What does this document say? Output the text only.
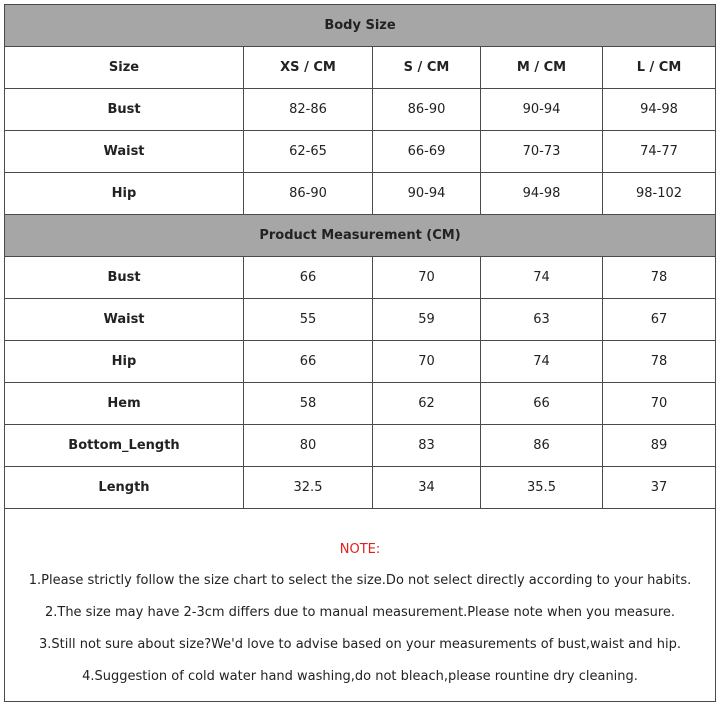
Body Size				
Size	XS / CM	S / CM	M / CM	L / CM
Bust	82-86	86-90	90-94	94-98
Waist	62-65	66-69	70-73	74-77
Hip	86-90	90-94	94-98	98-102
Product Measurement (CM)				
Bust	66	70	74	78
Waist	55	59	63	67
Hip	66	70	74	78
Hem	58	62	66	70
Bottom_Length	80	83	86	89
Length	32.5	34	35.5	37

NOTE:
1.Please strictly follow the size chart to select the size.Do not select directly according to your habits.
2.The size may have 2-3cm differs due to manual measurement.Please note when you measure.
3.Still not sure about size?We'd love to advise based on your measurements of bust,waist and hip.
4.Suggestion of cold water hand washing,do not bleach,please rountine dry cleaning.				
